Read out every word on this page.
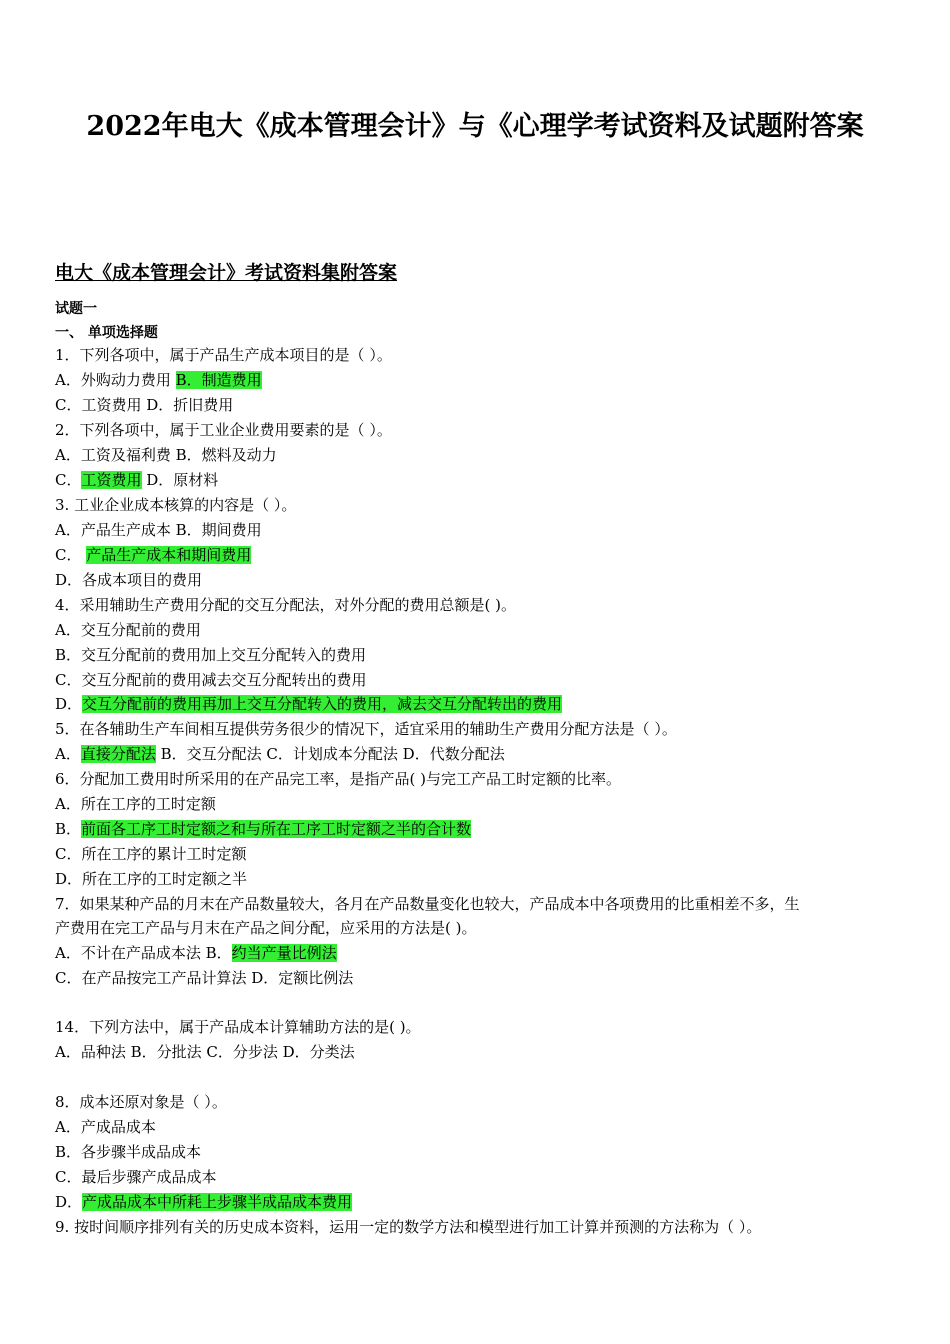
2022年电大《成本管理会计》与《心理学考试资料及试题附答案
电大《成本管理会计》考试资料集附答案
试题一
一、 单项选择题
1．下列各项中，属于产品生产成本项目的是（ ）。
A．外购动力费用 B．制造费用
C．工资费用 D．折旧费用
2．下列各项中，属于工业企业费用要素的是（ ）。
A．工资及福利费 B．燃料及动力
C．工资费用 D．原材料
3. 工业企业成本核算的内容是（ ）。
A．产品生产成本 B．期间费用
C． 产品生产成本和期间费用
D．各成本项目的费用
4．采用辅助生产费用分配的交互分配法，对外分配的费用总额是( )。
A．交互分配前的费用
B．交互分配前的费用加上交互分配转入的费用
C．交互分配前的费用减去交互分配转出的费用
D．交互分配前的费用再加上交互分配转入的费用，减去交互分配转出的费用
5．在各辅助生产车间相互提供劳务很少的情况下，适宜采用的辅助生产费用分配方法是（ ）。
A．直接分配法 B．交互分配法 C．计划成本分配法 D．代数分配法
6．分配加工费用时所采用的在产品完工率，是指产品( )与完工产品工时定额的比率。
A．所在工序的工时定额
B．前面各工序工时定额之和与所在工序工时定额之半的合计数
C．所在工序的累计工时定额
D．所在工序的工时定额之半
7．如果某种产品的月末在产品数量较大，各月在产品数量变化也较大，产品成本中各项费用的比重相差不多，生
产费用在完工产品与月末在产品之间分配，应采用的方法是( )。
A．不计在产品成本法 B．约当产量比例法
C．在产品按完工产品计算法 D．定额比例法
14．下列方法中，属于产品成本计算辅助方法的是( )。
A．品种法 B．分批法 C．分步法 D．分类法
8．成本还原对象是（ ）。
A．产成品成本
B．各步骤半成品成本
C．最后步骤产成品成本
D．产成品成本中所耗上步骤半成品成本费用
9. 按时间顺序排列有关的历史成本资料，运用一定的数学方法和模型进行加工计算并预测的方法称为（ ）。
